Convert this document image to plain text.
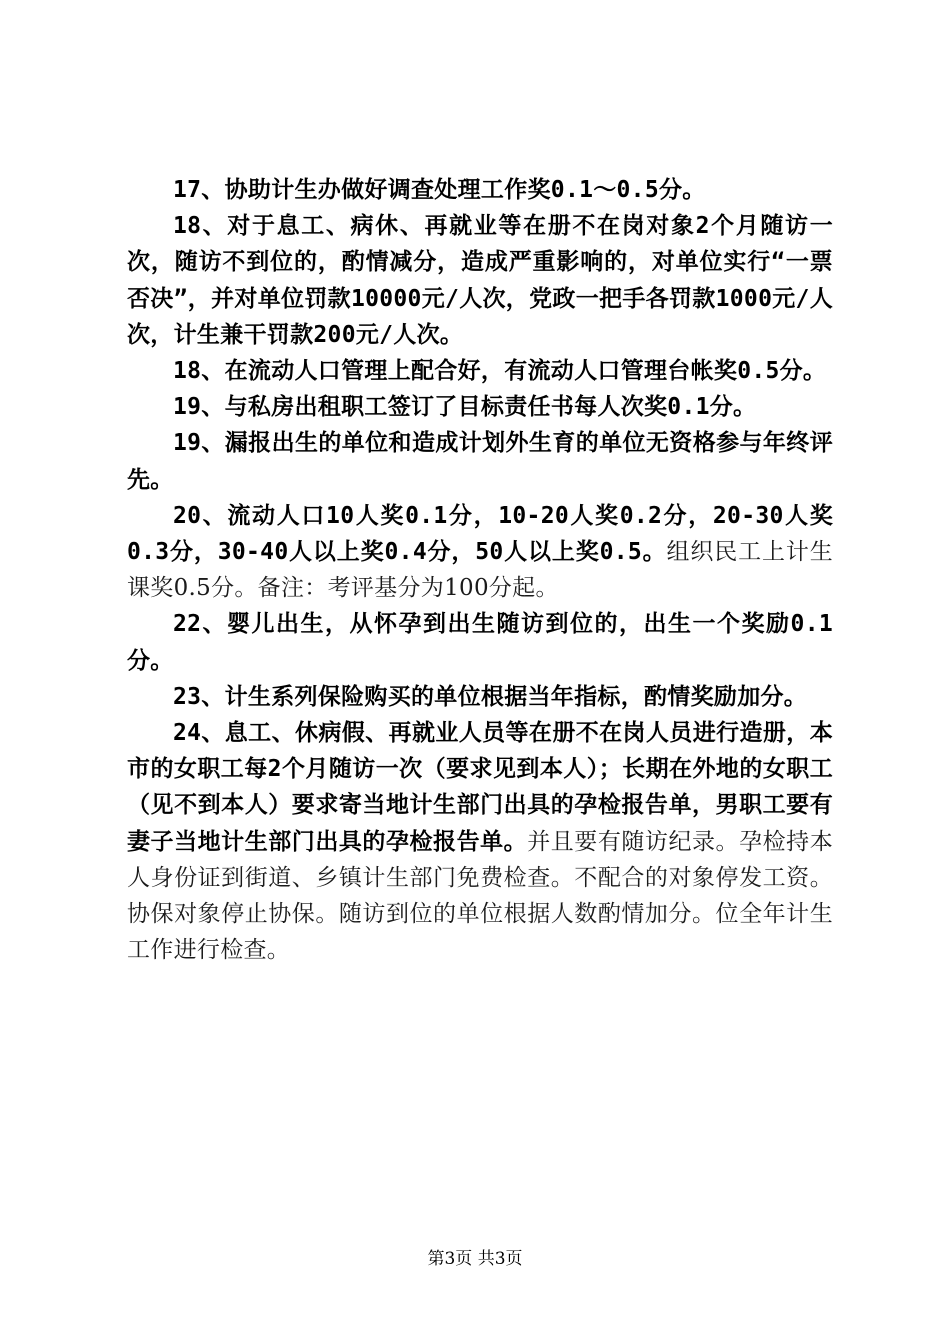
17、协助计生办做好调查处理工作奖0.1～0.5分。

18、对于息工、病休、再就业等在册不在岗对象2个月随访一次，随访不到位的，酌情减分，造成严重影响的，对单位实行“一票否决”，并对单位罚款10000元/人次，党政一把手各罚款1000元/人次，计生兼干罚款200元/人次。

18、在流动人口管理上配合好，有流动人口管理台帐奖0.5分。

19、与私房出租职工签订了目标责任书每人次奖0.1分。

19、漏报出生的单位和造成计划外生育的单位无资格参与年终评先。

20、流动人口10人奖0.1分，10-20人奖0.2分，20-30人奖0.3分，30-40人以上奖0.4分，50人以上奖0.5。组织民工上计生课奖0.5分。备注：考评基分为100分起。

22、婴儿出生，从怀孕到出生随访到位的，出生一个奖励0.1分。

23、计生系列保险购买的单位根据当年指标，酌情奖励加分。

24、息工、休病假、再就业人员等在册不在岗人员进行造册，本市的女职工每2个月随访一次（要求见到本人）；长期在外地的女职工（见不到本人）要求寄当地计生部门出具的孕检报告单，男职工要有妻子当地计生部门出具的孕检报告单。并且要有随访纪录。孕检持本人身份证到街道、乡镇计生部门免费检查。不配合的对象停发工资。协保对象停止协保。随访到位的单位根据人数酌情加分。位全年计生工作进行检查。

第3页 共3页
